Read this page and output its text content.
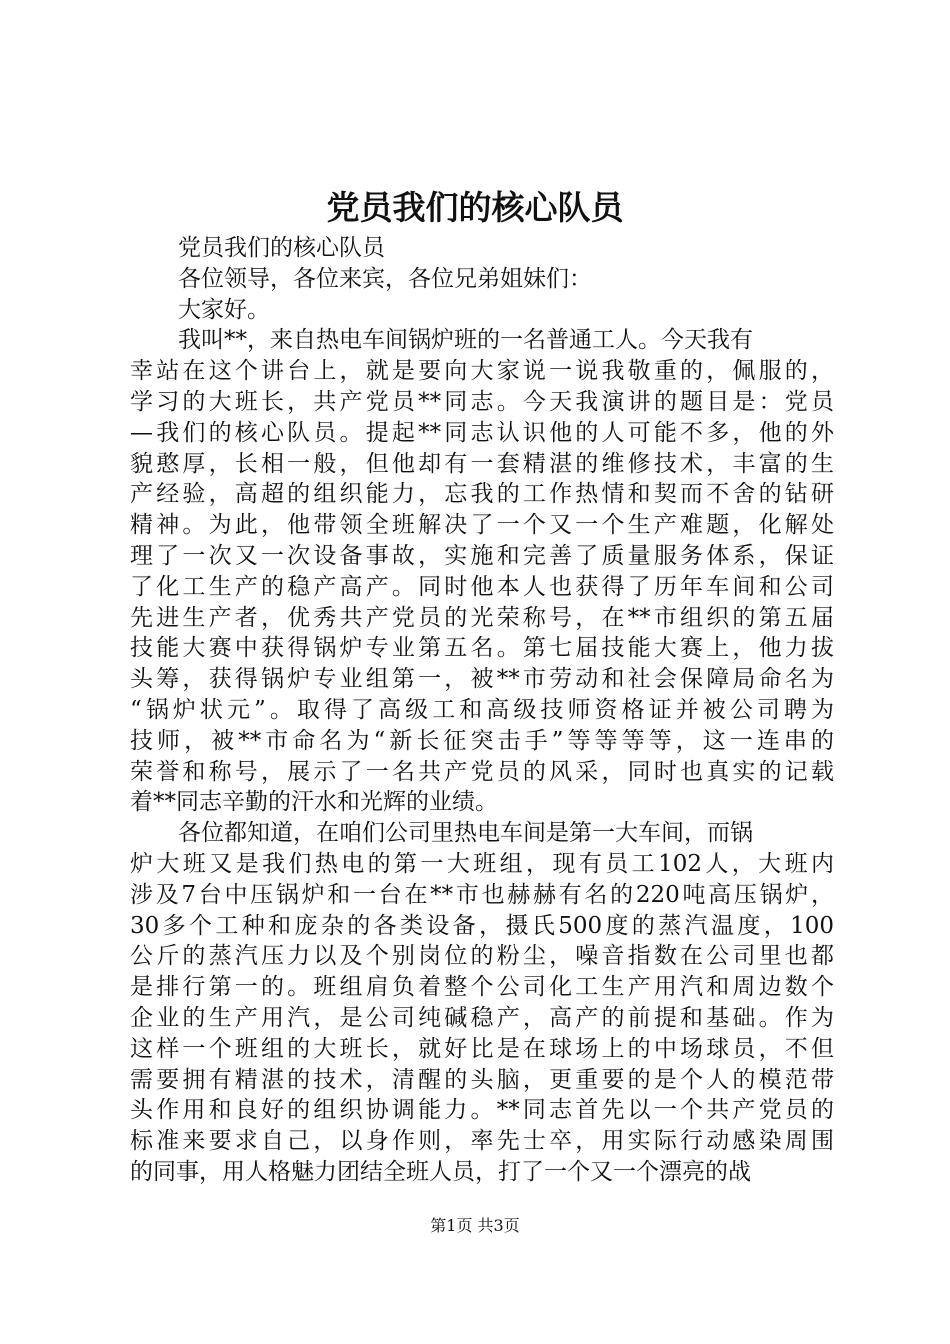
党员我们的核心队员
党员我们的核心队员
各位领导，各位来宾，各位兄弟姐妹们：
大家好。
我叫**，来自热电车间锅炉班的一名普通工人。今天我有
幸站在这个讲台上，就是要向大家说一说我敬重的，佩服的，
学习的大班长，共产党员**同志。今天我演讲的题目是：党员
—我们的核心队员。提起**同志认识他的人可能不多，他的外
貌憨厚，长相一般，但他却有一套精湛的维修技术，丰富的生
产经验，高超的组织能力，忘我的工作热情和契而不舍的钻研
精神。为此，他带领全班解决了一个又一个生产难题，化解处
理了一次又一次设备事故，实施和完善了质量服务体系，保证
了化工生产的稳产高产。同时他本人也获得了历年车间和公司
先进生产者，优秀共产党员的光荣称号，在**市组织的第五届
技能大赛中获得锅炉专业第五名。第七届技能大赛上，他力拔
头筹，获得锅炉专业组第一，被**市劳动和社会保障局命名为
“锅炉状元”。取得了高级工和高级技师资格证并被公司聘为
技师，被**市命名为“新长征突击手”等等等等，这一连串的
荣誉和称号，展示了一名共产党员的风采，同时也真实的记载
着**同志辛勤的汗水和光辉的业绩。
各位都知道，在咱们公司里热电车间是第一大车间，而锅
炉大班又是我们热电的第一大班组，现有员工102人，大班内
涉及7台中压锅炉和一台在**市也赫赫有名的220吨高压锅炉，
30多个工种和庞杂的各类设备，摄氏500度的蒸汽温度，100
公斤的蒸汽压力以及个别岗位的粉尘，噪音指数在公司里也都
是排行第一的。班组肩负着整个公司化工生产用汽和周边数个
企业的生产用汽，是公司纯碱稳产，高产的前提和基础。作为
这样一个班组的大班长，就好比是在球场上的中场球员，不但
需要拥有精湛的技术，清醒的头脑，更重要的是个人的模范带
头作用和良好的组织协调能力。**同志首先以一个共产党员的
标准来要求自己，以身作则，率先士卒，用实际行动感染周围
的同事，用人格魅力团结全班人员，打了一个又一个漂亮的战
第1页 共3页
